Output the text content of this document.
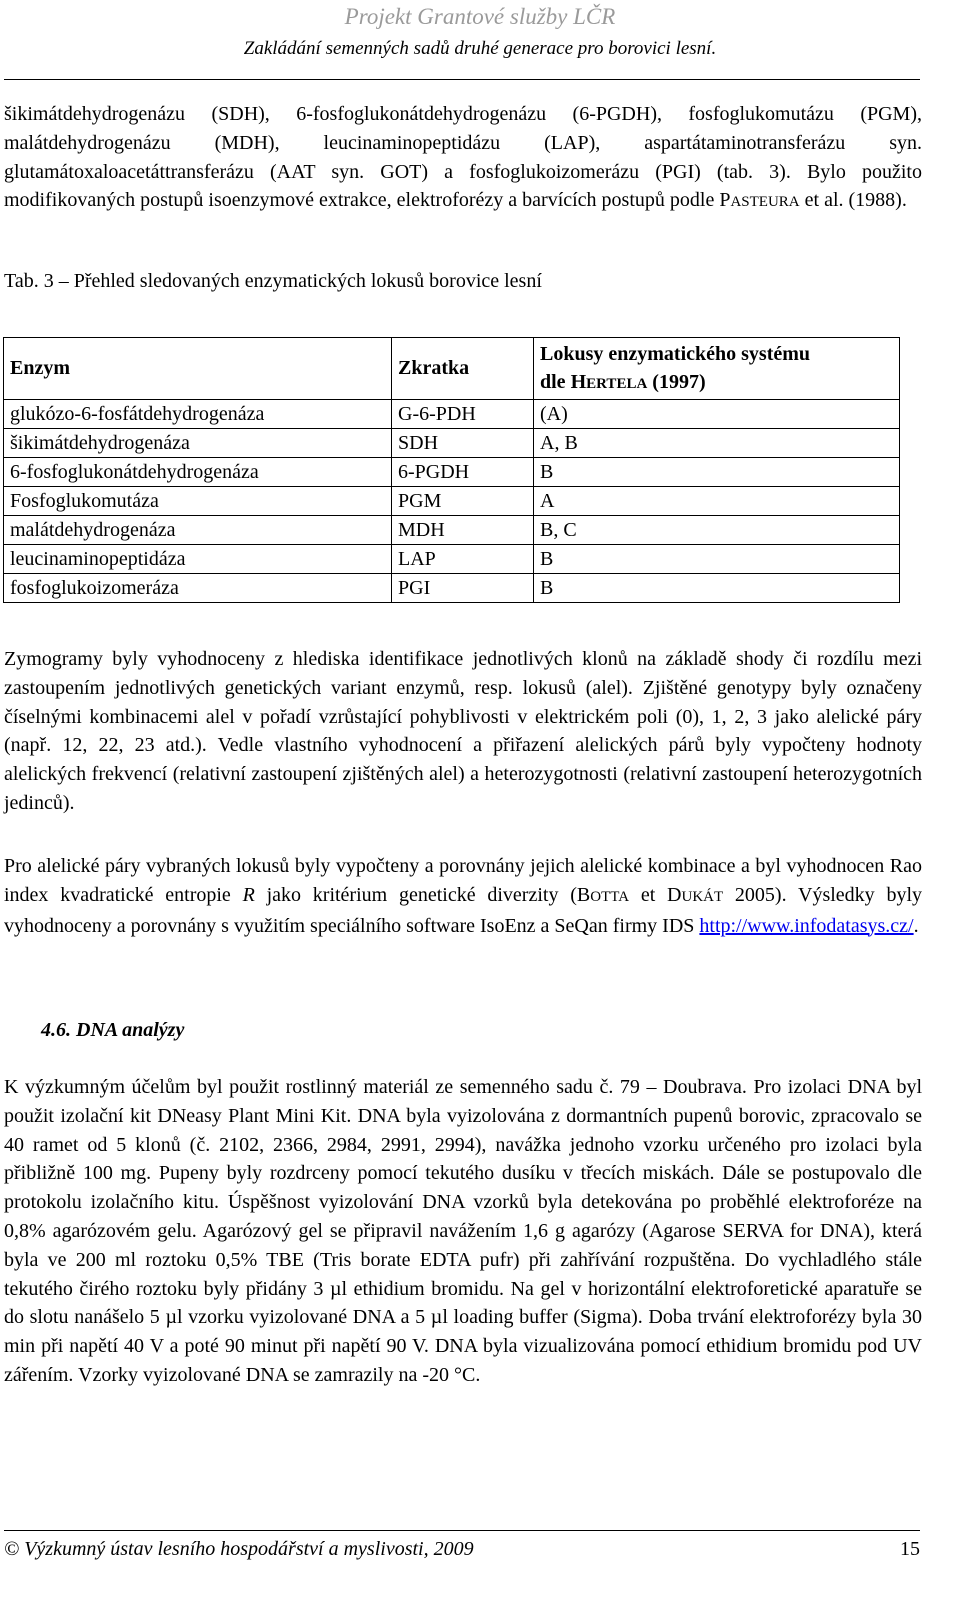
Projekt Grantové služby LČR
Zakládání semenných sadů druhé generace pro borovici lesní.

šikimátdehydrogenázu (SDH), 6-fosfoglukonátdehydrogenázu (6-PGDH), fosfoglukomutázu (PGM), malátdehydrogenázu (MDH), leucinaminopeptidázu (LAP), aspartátaminotransferázu syn. glutamátoxaloacetáttransferázu (AAT syn. GOT) a fosfoglukoizomerázu (PGI) (tab. 3). Bylo použito modifikovaných postupů isoenzymové extrakce, elektroforézy a barvících postupů podle PASTEURA et al. (1988).

Tab. 3 – Přehled sledovaných enzymatických lokusů borovice lesní
Enzym	Zkratka	Lokusy enzymatického systému
dle HERTELA (1997)
glukózo-6-fosfátdehydrogenáza	G-6-PDH	(A)
šikimátdehydrogenáza	SDH	A, B
6-fosfoglukonátdehydrogenáza	6-PGDH	B
Fosfoglukomutáza	PGM	A
malátdehydrogenáza	MDH	B, C
leucinaminopeptidáza	LAP	B
fosfoglukoizomeráza	PGI	B

Zymogramy byly vyhodnoceny z hlediska identifikace jednotlivých klonů na základě shody či rozdílu mezi zastoupením jednotlivých genetických variant enzymů, resp. lokusů (alel). Zjištěné genotypy byly označeny číselnými kombinacemi alel v pořadí vzrůstající pohyblivosti v elektrickém poli (0), 1, 2, 3 jako alelické páry (např. 12, 22, 23 atd.). Vedle vlastního vyhodnocení a přiřazení alelických párů byly vypočteny hodnoty alelických frekvencí (relativní zastoupení zjištěných alel) a heterozygotnosti (relativní zastoupení heterozygotních jedinců).

Pro alelické páry vybraných lokusů byly vypočteny a porovnány jejich alelické kombinace a byl vyhodnocen Rao index kvadratické entropie R jako kritérium genetické diverzity (BOTTA et DUKÁT 2005). Výsledky byly vyhodnoceny a porovnány s využitím speciálního software IsoEnz a SeQan firmy IDS http://www.infodatasys.cz/.

4.6. DNA analýzy

K výzkumným účelům byl použit rostlinný materiál ze semenného sadu č. 79 – Doubrava. Pro izolaci DNA byl použit izolační kit DNeasy Plant Mini Kit. DNA byla vyizolována z dormantních pupenů borovic, zpracovalo se 40 ramet od 5 klonů (č. 2102, 2366, 2984, 2991, 2994), navážka jednoho vzorku určeného pro izolaci byla přibližně 100 mg. Pupeny byly rozdrceny pomocí tekutého dusíku v třecích miskách. Dále se postupovalo dle protokolu izolačního kitu. Úspěšnost vyizolování DNA vzorků byla detekována po proběhlé elektroforéze na 0,8% agarózovém gelu. Agarózový gel se připravil navážením 1,6 g agarózy (Agarose SERVA for DNA), která byla ve 200 ml roztoku 0,5% TBE (Tris borate EDTA pufr) při zahřívání rozpuštěna. Do vychladlého stále tekutého čirého roztoku byly přidány 3 µl ethidium bromidu. Na gel v horizontální elektroforetické aparatuře se do slotu nanášelo 5 µl vzorku vyizolované DNA a 5 µl loading buffer (Sigma). Doba trvání elektroforézy byla 30 min při napětí 40 V a poté 90 minut při napětí 90 V. DNA byla vizualizována pomocí ethidium bromidu pod UV zářením. Vzorky vyizolované DNA se zamrazily na -20 °C.

© Výzkumný ústav lesního hospodářství a myslivosti, 2009	15
